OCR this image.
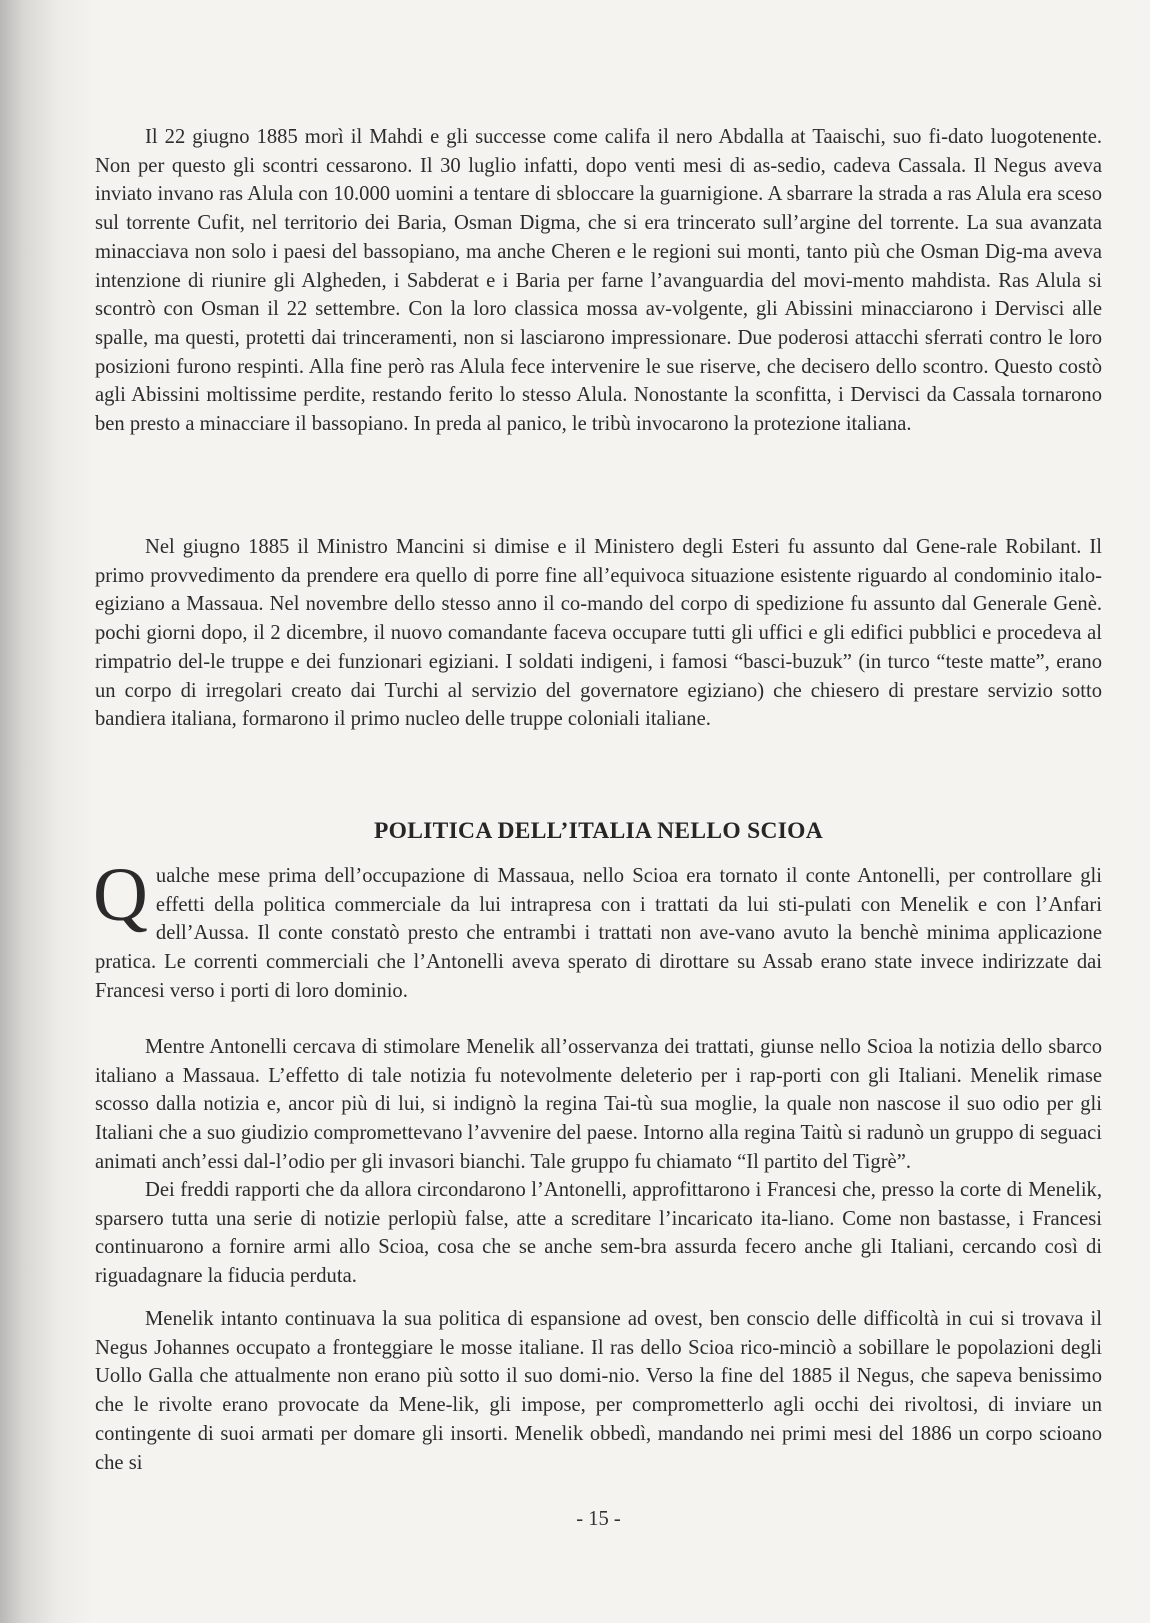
Il 22 giugno 1885 morì il Mahdi e gli successe come califa il nero Abdalla at Taaischi, suo fi-dato luogotenente. Non per questo gli scontri cessarono. Il 30 luglio infatti, dopo venti mesi di as-sedio, cadeva Cassala. Il Negus aveva inviato invano ras Alula con 10.000 uomini a tentare di sbloccare la guarnigione. A sbarrare la strada a ras Alula era sceso sul torrente Cufit, nel territorio dei Baria, Osman Digma, che si era trincerato sull’argine del torrente. La sua avanzata minacciava non solo i paesi del bassopiano, ma anche Cheren e le regioni sui monti, tanto più che Osman Dig-ma aveva intenzione di riunire gli Algheden, i Sabderat e i Baria per farne l’avanguardia del movi-mento mahdista. Ras Alula si scontrò con Osman il 22 settembre. Con la loro classica mossa av-volgente, gli Abissini minacciarono i Dervisci alle spalle, ma questi, protetti dai trinceramenti, non si lasciarono impressionare. Due poderosi attacchi sferrati contro le loro posizioni furono respinti. Alla fine però ras Alula fece intervenire le sue riserve, che decisero dello scontro. Questo costò agli Abissini moltissime perdite, restando ferito lo stesso Alula. Nonostante la sconfitta, i Dervisci da Cassala tornarono ben presto a minacciare il bassopiano. In preda al panico, le tribù invocarono la protezione italiana.

Nel giugno 1885 il Ministro Mancini si dimise e il Ministero degli Esteri fu assunto dal Gene-rale Robilant. Il primo provvedimento da prendere era quello di porre fine all’equivoca situazione esistente riguardo al condominio italo-egiziano a Massaua. Nel novembre dello stesso anno il co-mando del corpo di spedizione fu assunto dal Generale Genè. pochi giorni dopo, il 2 dicembre, il nuovo comandante faceva occupare tutti gli uffici e gli edifici pubblici e procedeva al rimpatrio del-le truppe e dei funzionari egiziani. I soldati indigeni, i famosi “basci-buzuk” (in turco “teste matte”, erano un corpo di irregolari creato dai Turchi al servizio del governatore egiziano) che chiesero di prestare servizio sotto bandiera italiana, formarono il primo nucleo delle truppe coloniali italiane.

POLITICA DELL’ITALIA NELLO SCIOA

Qualche mese prima dell’occupazione di Massaua, nello Scioa era tornato il conte Antonelli, per controllare gli effetti della politica commerciale da lui intrapresa con i trattati da lui sti-pulati con Menelik e con l’Anfari dell’Aussa. Il conte constatò presto che entrambi i trattati non ave-vano avuto la benchè minima applicazione pratica. Le correnti commerciali che l’Antonelli aveva sperato di dirottare su Assab erano state invece indirizzate dai Francesi verso i porti di loro dominio.

Mentre Antonelli cercava di stimolare Menelik all’osservanza dei trattati, giunse nello Scioa la notizia dello sbarco italiano a Massaua. L’effetto di tale notizia fu notevolmente deleterio per i rap-porti con gli Italiani. Menelik rimase scosso dalla notizia e, ancor più di lui, si indignò la regina Tai-tù sua moglie, la quale non nascose il suo odio per gli Italiani che a suo giudizio compromettevano l’avvenire del paese. Intorno alla regina Taitù si radunò un gruppo di seguaci animati anch’essi dal-l’odio per gli invasori bianchi. Tale gruppo fu chiamato “Il partito del Tigrè”.

Dei freddi rapporti che da allora circondarono l’Antonelli, approfittarono i Francesi che, presso la corte di Menelik, sparsero tutta una serie di notizie perlopiù false, atte a screditare l’incaricato ita-liano. Come non bastasse, i Francesi continuarono a fornire armi allo Scioa, cosa che se anche sem-bra assurda fecero anche gli Italiani, cercando così di riguadagnare la fiducia perduta.

Menelik intanto continuava la sua politica di espansione ad ovest, ben conscio delle difficoltà in cui si trovava il Negus Johannes occupato a fronteggiare le mosse italiane. Il ras dello Scioa rico-minciò a sobillare le popolazioni degli Uollo Galla che attualmente non erano più sotto il suo domi-nio. Verso la fine del 1885 il Negus, che sapeva benissimo che le rivolte erano provocate da Mene-lik, gli impose, per comprometterlo agli occhi dei rivoltosi, di inviare un contingente di suoi armati per domare gli insorti. Menelik obbedì, mandando nei primi mesi del 1886 un corpo scioano che si

- 15 -
